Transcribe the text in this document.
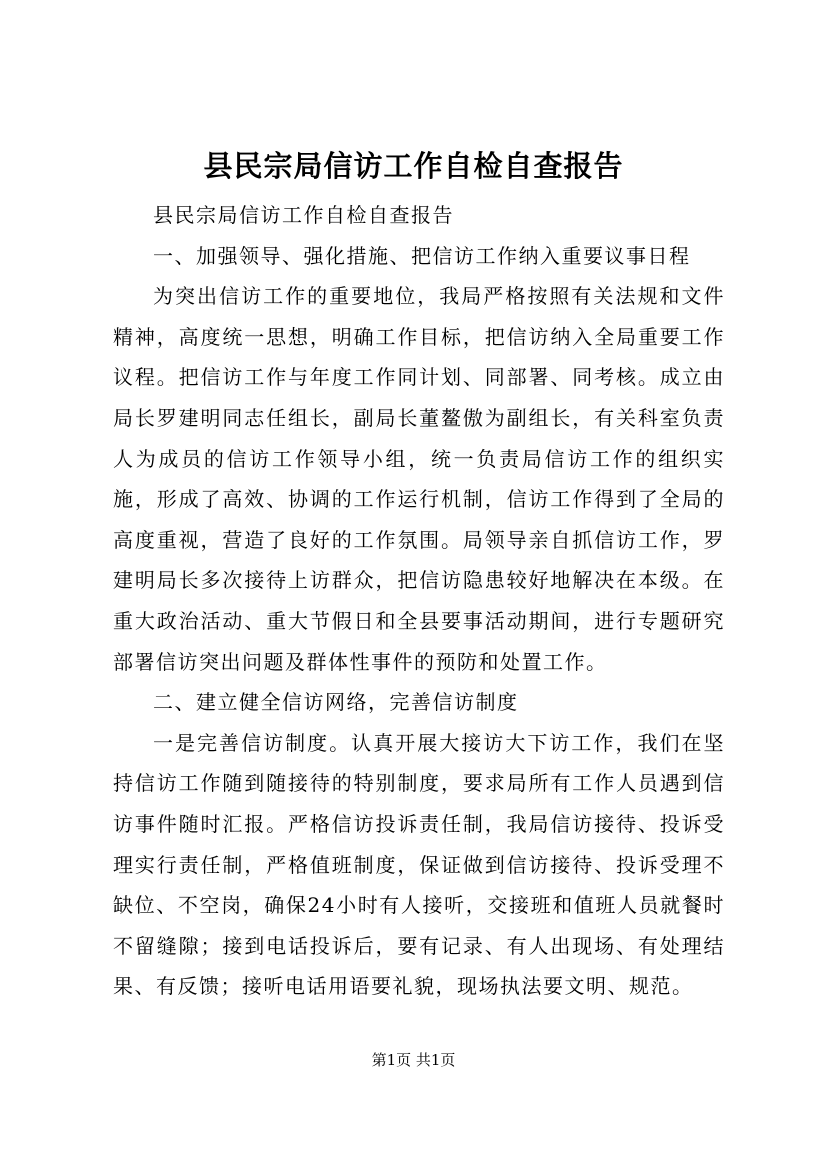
县民宗局信访工作自检自查报告

县民宗局信访工作自检自查报告

一、加强领导、强化措施、把信访工作纳入重要议事日程

为突出信访工作的重要地位，我局严格按照有关法规和文件精神，高度统一思想，明确工作目标，把信访纳入全局重要工作议程。把信访工作与年度工作同计划、同部署、同考核。成立由局长罗建明同志任组长，副局长董鳌傲为副组长，有关科室负责人为成员的信访工作领导小组，统一负责局信访工作的组织实施，形成了高效、协调的工作运行机制，信访工作得到了全局的高度重视，营造了良好的工作氛围。局领导亲自抓信访工作，罗建明局长多次接待上访群众，把信访隐患较好地解决在本级。在重大政治活动、重大节假日和全县要事活动期间，进行专题研究部署信访突出问题及群体性事件的预防和处置工作。

二、建立健全信访网络，完善信访制度

一是完善信访制度。认真开展大接访大下访工作，我们在坚持信访工作随到随接待的特别制度，要求局所有工作人员遇到信访事件随时汇报。严格信访投诉责任制，我局信访接待、投诉受理实行责任制，严格值班制度，保证做到信访接待、投诉受理不缺位、不空岗，确保24小时有人接听，交接班和值班人员就餐时不留缝隙；接到电话投诉后，要有记录、有人出现场、有处理结果、有反馈；接听电话用语要礼貌，现场执法要文明、规范。

第1页 共1页
